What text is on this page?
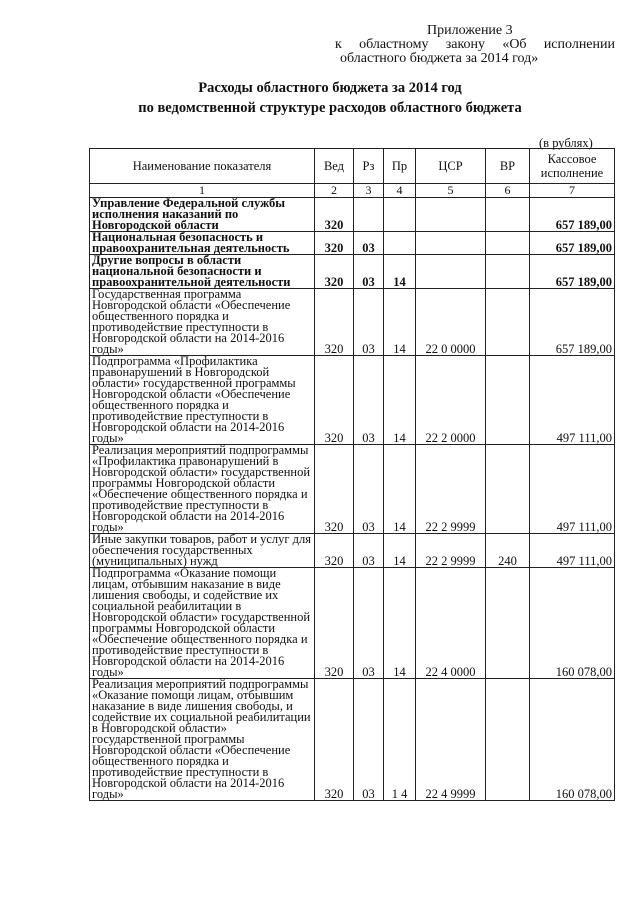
Приложение 3
к областному закону «Об исполнении
областного бюджета за 2014 год»
Расходы областного бюджета за 2014 год
по ведомственной структуре расходов областного бюджета
(в рублях)
Наименование показателя	Вед	Рз	Пр	ЦСР	ВР	Кассовое исполнение
1	2	3	4	5	6	7
Управление Федеральной службы исполнения наказаний по Новгородской области	320					657 189,00
Национальная безопасность и правоохранительная деятельность	320	03				657 189,00
Другие вопросы в области национальной безопасности и правоохранительной деятельности	320	03	14			657 189,00
Государственная программа Новгородской области «Обеспечение общественного порядка и противодействие преступности в Новгородской области на 2014-2016 годы»	320	03	14	22 0 0000		657 189,00
Подпрограмма «Профилактика правонарушений в Новгородской области» государственной программы Новгородской области «Обеспечение общественного порядка и противодействие преступности в Новгородской области на 2014-2016 годы»	320	03	14	22 2 0000		497 111,00
Реализация мероприятий подпрограммы «Профилактика правонарушений в Новгородской области» государственной программы Новгородской области «Обеспечение общественного порядка и противодействие преступности в Новгородской области на 2014-2016 годы»	320	03	14	22 2 9999		497 111,00
Иные закупки товаров, работ и услуг для обеспечения государственных (муниципальных) нужд	320	03	14	22 2 9999	240	497 111,00
Подпрограмма «Оказание помощи лицам, отбывшим наказание в виде лишения свободы, и содействие их социальной реабилитации в Новгородской области» государственной программы Новгородской области «Обеспечение общественного порядка и противодействие преступности в Новгородской области на 2014-2016 годы»	320	03	14	22 4 0000		160 078,00
Реализация мероприятий подпрограммы «Оказание помощи лицам, отбывшим наказание в виде лишения свободы, и содействие их социальной реабилитации в Новгородской области» государственной программы Новгородской области «Обеспечение общественного порядка и противодействие преступности в Новгородской области на 2014-2016 годы»	320	03	1 4	22 4 9999		160 078,00
